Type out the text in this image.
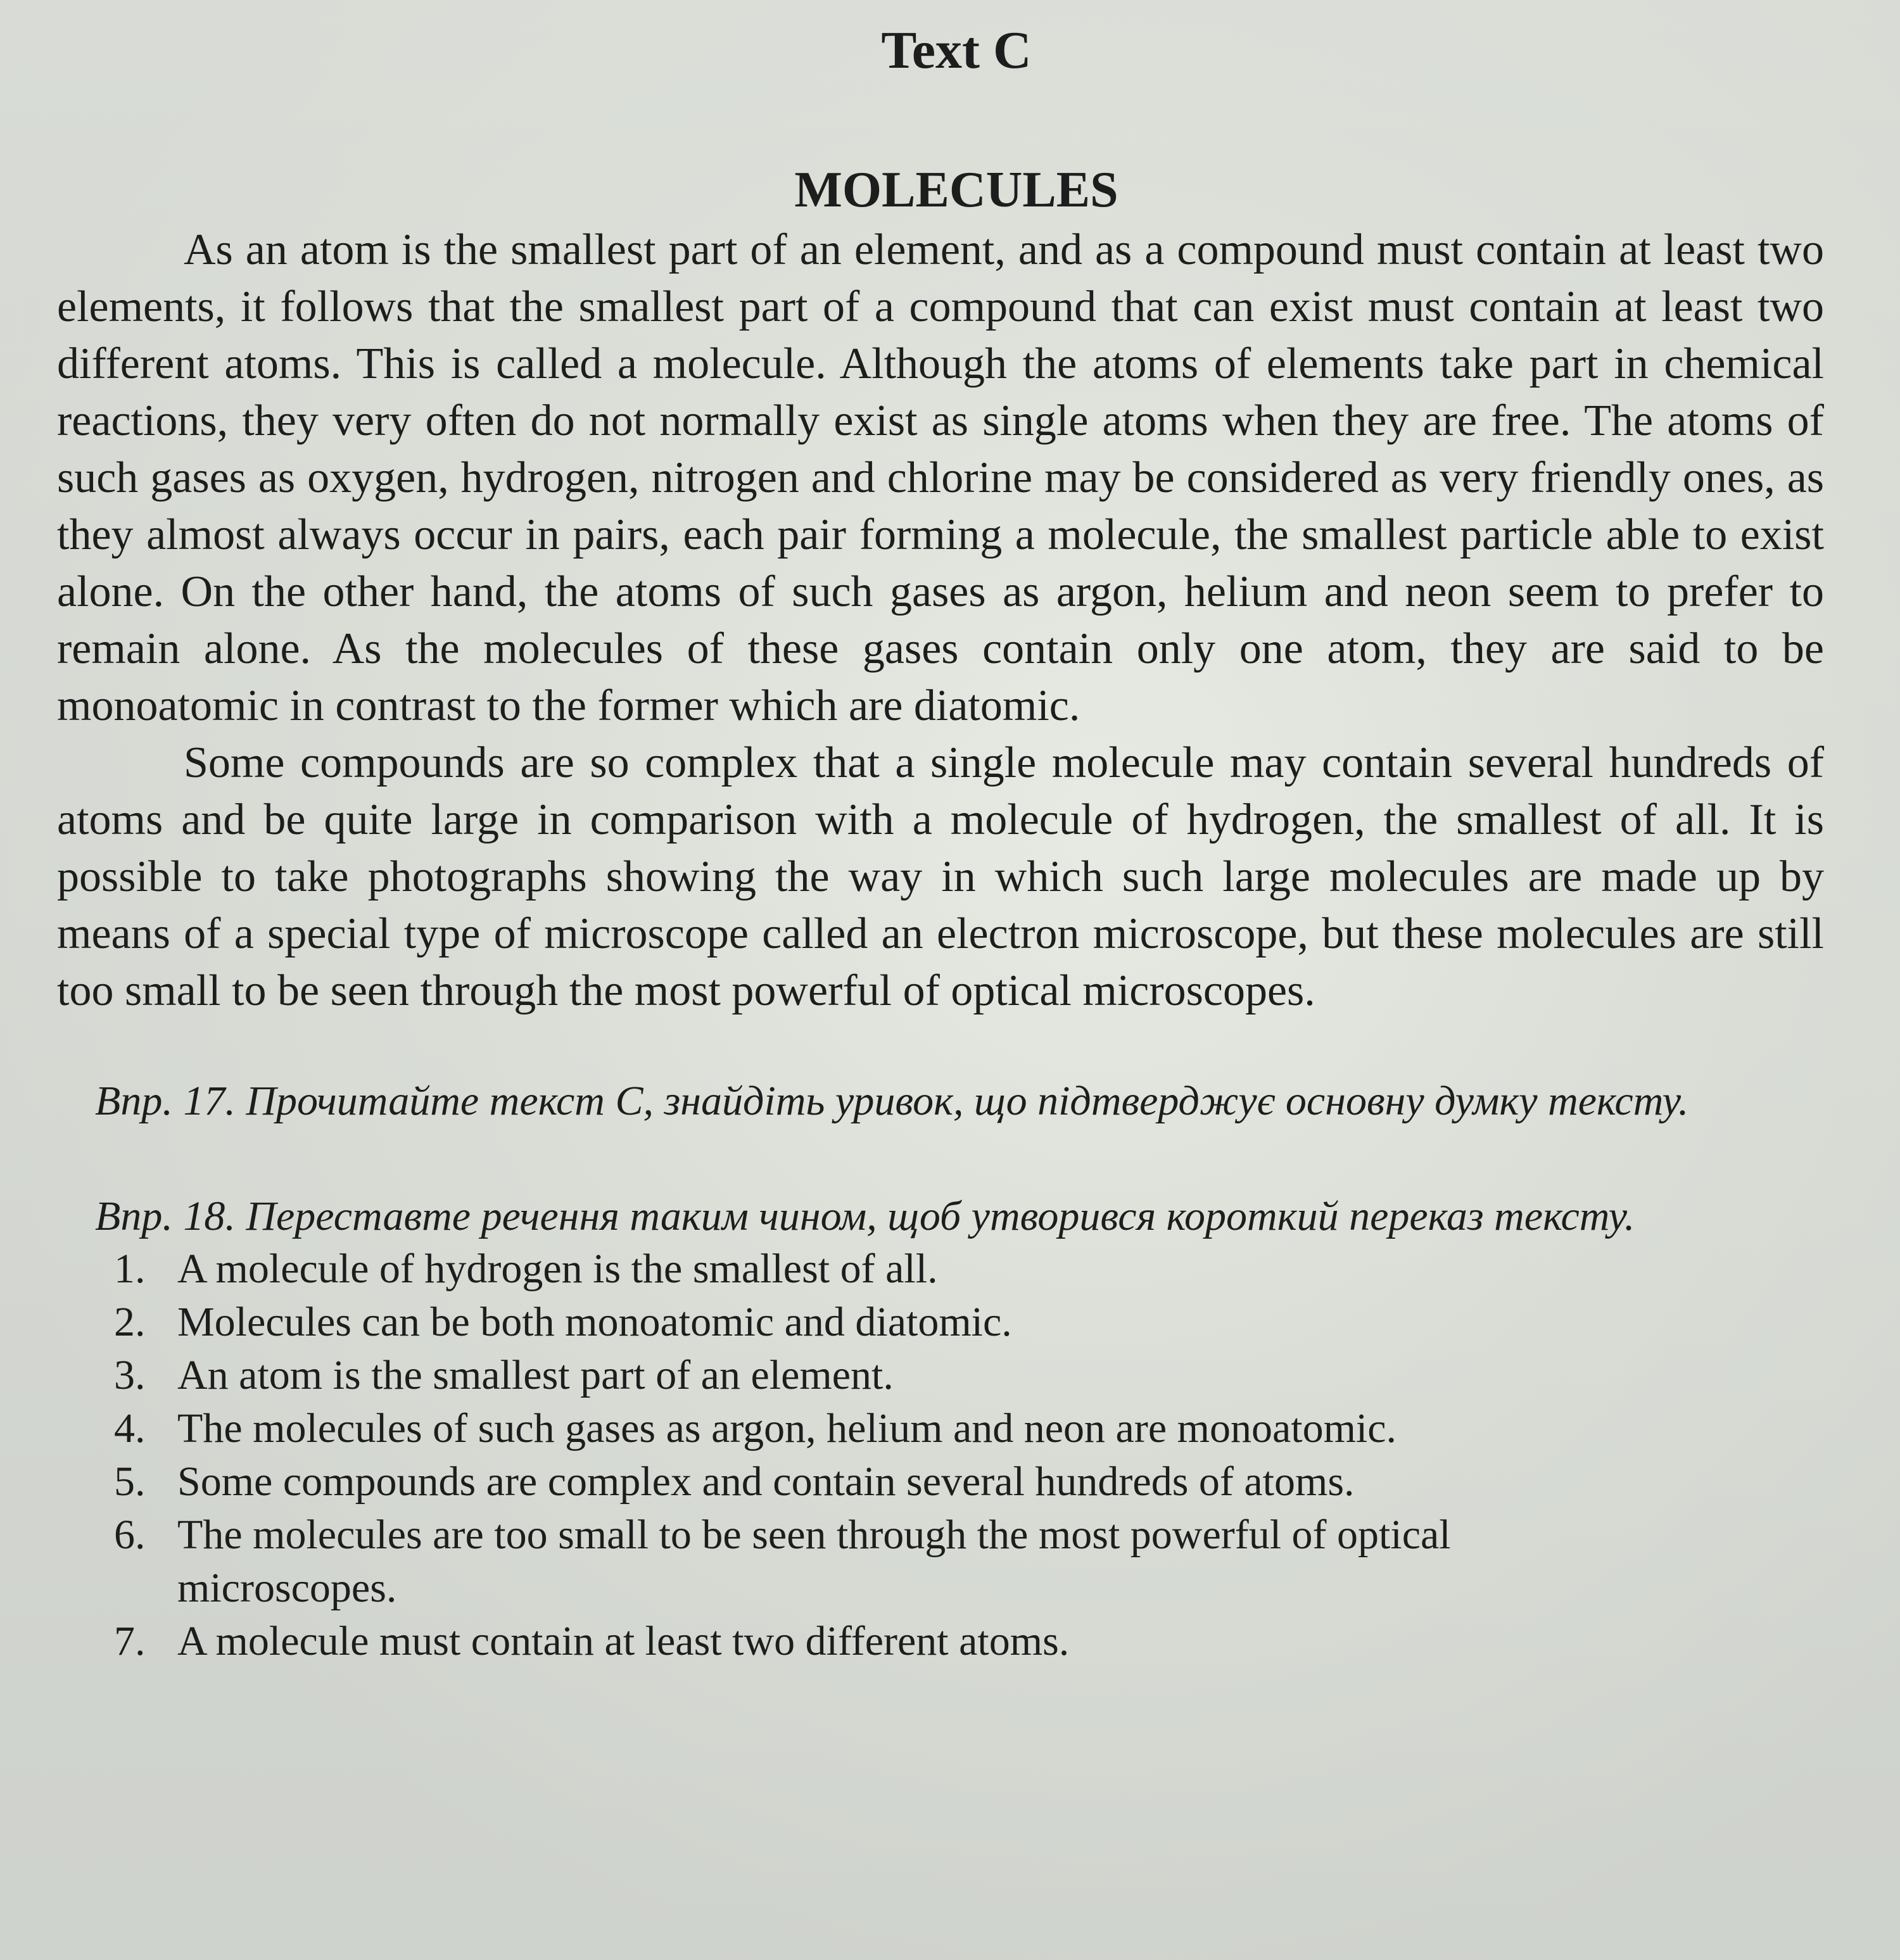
Text C
MOLECULES

As an atom is the smallest part of an element, and as a compound must contain at least two elements, it follows that the smallest part of a compound that can exist must contain at least two different atoms. This is called a molecule. Although the atoms of elements take part in chemical reactions, they very often do not normally exist as single atoms when they are free. The atoms of such gases as oxygen, hydrogen, nitrogen and chlorine may be considered as very friendly ones, as they almost always occur in pairs, each pair forming a molecule, the smallest particle able to exist alone. On the other hand, the atoms of such gases as argon, helium and neon seem to prefer to remain alone. As the molecules of these gases contain only one atom, they are said to be monoatomic in contrast to the former which are diatomic.

Some compounds are so complex that a single molecule may contain several hundreds of atoms and be quite large in comparison with a molecule of hydrogen, the smallest of all. It is possible to take photographs showing the way in which such large molecules are made up by means of a special type of microscope called an electron microscope, but these molecules are still too small to be seen through the most powerful of optical microscopes.

Впр. 17. Прочитайте текст С, знайдіть уривок, що підтверджує основну думку тексту.

Впр. 18. Переставте речення таким чином, щоб утворився короткий переказ тексту.

1. A molecule of hydrogen is the smallest of all.
2. Molecules can be both monoatomic and diatomic.
3. An atom is the smallest part of an element.
4. The molecules of such gases as argon, helium and neon are monoatomic.
5. Some compounds are complex and contain several hundreds of atoms.
6. The molecules are too small to be seen through the most powerful of optical microscopes.
7. A molecule must contain at least two different atoms.
